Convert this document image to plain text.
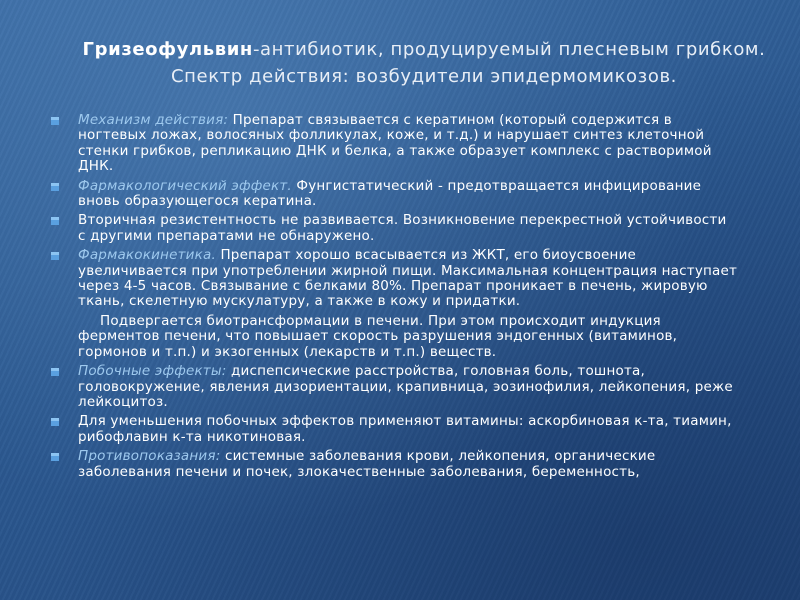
Гризеофульвин-антибиотик, продуцируемый плесневым грибком. Спектр действия: возбудители эпидермомикозов.
Механизм действия: Препарат связывается с кератином (который содержится в ногтевых ложах, волосяных фолликулах, коже, и т.д.) и нарушает синтез клеточной стенки грибков, репликацию ДНК и белка, а также образует комплекс с растворимой ДНК.
Фармакологический эффект. Фунгистатический - предотвращается инфицирование вновь образующегося кератина.
Вторичная резистентность не развивается. Возникновение перекрестной устойчивости с другими препаратами не обнаружено.
Фармакокинетика. Препарат хорошо всасывается из ЖКТ, его биоусвоение увеличивается при употреблении жирной пищи. Максимальная концентрация наступает через 4-5 часов. Связывание с белками 80%. Препарат проникает в печень, жировую ткань, скелетную мускулатуру, а также в кожу и придатки.
Подвергается биотрансформации в печени. При этом происходит индукция ферментов печени, что повышает скорость разрушения эндогенных (витаминов, гормонов и т.п.) и экзогенных (лекарств и т.п.) веществ.
Побочные эффекты: диспепсические расстройства, головная боль, тошнота, головокружение, явления дизориентации, крапивница, эозинофилия, лейкопения, реже лейкоцитоз.
Для уменьшения побочных эффектов применяют витамины: аскорбиновая к-та, тиамин, рибофлавин к-та никотиновая.
Противопоказания: системные заболевания крови, лейкопения, органические заболевания печени и почек, злокачественные заболевания, беременность,
